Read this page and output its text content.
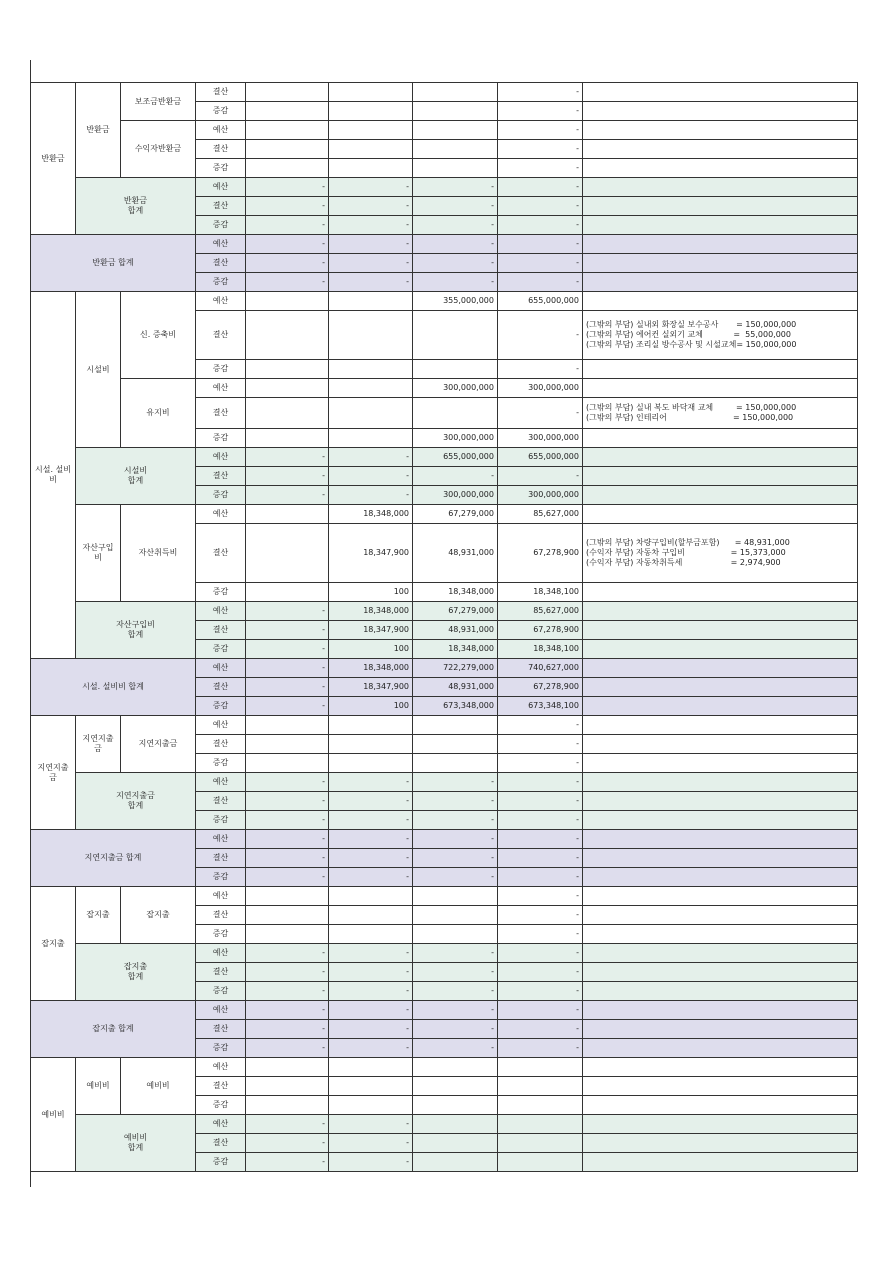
반환금	반환금	보조금반환금	결산				-	
			증감				-	
		수익자반환금	예산				-	
			결산				-	
			증감				-	
	반환금
합계		예산	-	-	-	-	
			결산	-	-	-	-	
			증감	-	-	-	-	
반환금 합계			예산	-	-	-	-	
			결산	-	-	-	-	
			증감	-	-	-	-	
시설. 설비
비	시설비	신. 증축비	예산			355,000,000	655,000,000	
			결산				-	(그밖의 부담) 실내외 화장실 보수공사       = 150,000,000
(그밖의 부담) 에어컨 실외기 교체            =  55,000,000
(그밖의 부담) 조리실 방수공사 및 시설교체= 150,000,000
			증감				-	
		유지비	예산			300,000,000	300,000,000	
			결산				-	(그밖의 부담) 실내 복도 바닥재 교체         = 150,000,000
(그밖의 부담) 인테리어                          = 150,000,000
			증감			300,000,000	300,000,000	
	시설비
합계		예산	-	-	655,000,000	655,000,000	
			결산	-	-	-	-	
			증감	-	-	300,000,000	300,000,000	
	자산구입
비	자산취득비	예산		18,348,000	67,279,000	85,627,000	
			결산		18,347,900	48,931,000	67,278,900	(그밖의 부담) 차량구입비(할부금포함)      = 48,931,000
(수익자 부담) 자동차 구입비                  = 15,373,000
(수익자 부담) 자동차취득세                   = 2,974,900
			증감		100	18,348,000	18,348,100	
	자산구입비
합계		예산	-	18,348,000	67,279,000	85,627,000	
			결산	-	18,347,900	48,931,000	67,278,900	
			증감	-	100	18,348,000	18,348,100	
시설. 설비비 합계			예산	-	18,348,000	722,279,000	740,627,000	
			결산	-	18,347,900	48,931,000	67,278,900	
			증감	-	100	673,348,000	673,348,100	
지연지출
금	지연지출
금	지연지출금	예산				-	
			결산				-	
			증감				-	
	지연지출금
합계		예산	-	-	-	-	
			결산	-	-	-	-	
			증감	-	-	-	-	
지연지출금 합계			예산	-	-	-	-	
			결산	-	-	-	-	
			증감	-	-	-	-	
잡지출	잡지출	잡지출	예산				-	
			결산				-	
			증감				-	
	잡지출
합계		예산	-	-	-	-	
			결산	-	-	-	-	
			증감	-	-	-	-	
잡지출 합계			예산	-	-	-	-	
			결산	-	-	-	-	
			증감	-	-	-	-	
예비비	예비비	예비비	예산					
			결산					
			증감					
	예비비
합계		예산	-	-			
			결산	-	-			
			증감	-	-			
